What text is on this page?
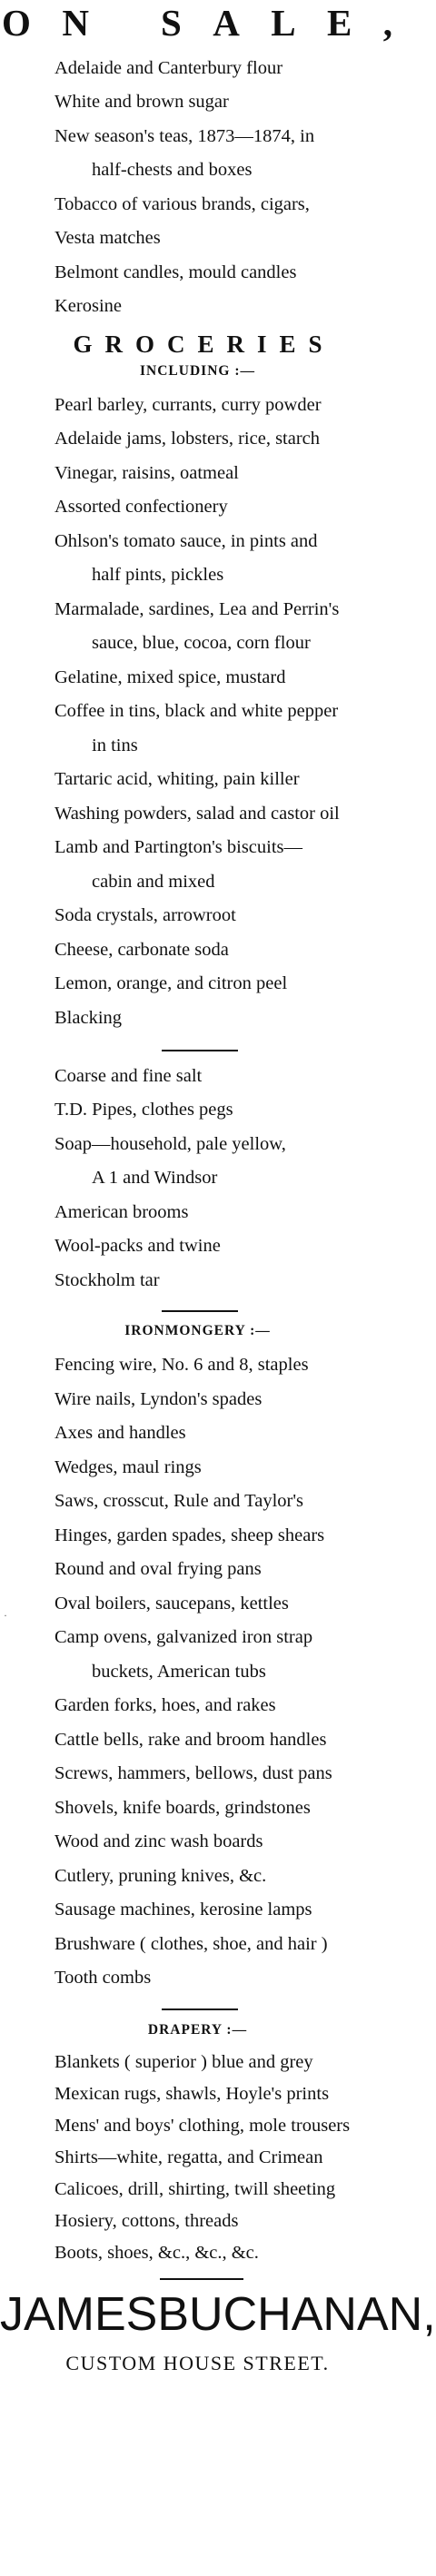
O N
S A L E ,
Adelaide and Canterbury flour
White and brown sugar
New season's teas, 1873—1874, in
half-chests and boxes
Tobacco of various brands, cigars,
Vesta matches
Belmont candles, mould candles
Kerosine
GROCERIES
INCLUDING :—
Pearl barley, currants, curry powder
Adelaide jams, lobsters, rice, starch
Vinegar, raisins, oatmeal
Assorted confectionery
Ohlson's tomato sauce, in pints and
half pints, pickles
Marmalade, sardines, Lea and Perrin's
sauce, blue, cocoa, corn flour
Gelatine, mixed spice, mustard
Coffee in tins, black and white pepper
in tins
Tartaric acid, whiting, pain killer
Washing powders, salad and castor oil
Lamb and Partington's biscuits—
cabin and mixed
Soda crystals, arrowroot
Cheese, carbonate soda
Lemon, orange, and citron peel
Blacking
Coarse and fine salt
T.D. Pipes, clothes pegs
Soap—household, pale yellow,
A 1 and Windsor
American brooms
Wool-packs and twine
Stockholm tar
IRONMONGERY :—
Fencing wire, No. 6 and 8, staples
Wire nails, Lyndon's spades
Axes and handles
Wedges, maul rings
Saws, crosscut, Rule and Taylor's
Hinges, garden spades, sheep shears
Round and oval frying pans
Oval boilers, saucepans, kettles
Camp ovens, galvanized iron strap
buckets, American tubs
Garden forks, hoes, and rakes
Cattle bells, rake and broom handles
Screws, hammers, bellows, dust pans
Shovels, knife boards, grindstones
Wood and zinc wash boards
Cutlery, pruning knives, &c.
Sausage machines, kerosine lamps
Brushware ( clothes, shoe, and hair )
Tooth combs
DRAPERY :—
Blankets ( superior ) blue and grey
Mexican rugs, shawls, Hoyle's prints
Mens' and boys' clothing, mole trousers
Shirts—white, regatta, and Crimean
Calicoes, drill, shirting, twill sheeting
Hosiery, cottons, threads
Boots, shoes, &c., &c., &c.
JAMES BUCHANAN,
CUSTOM HOUSE STREET.
·
